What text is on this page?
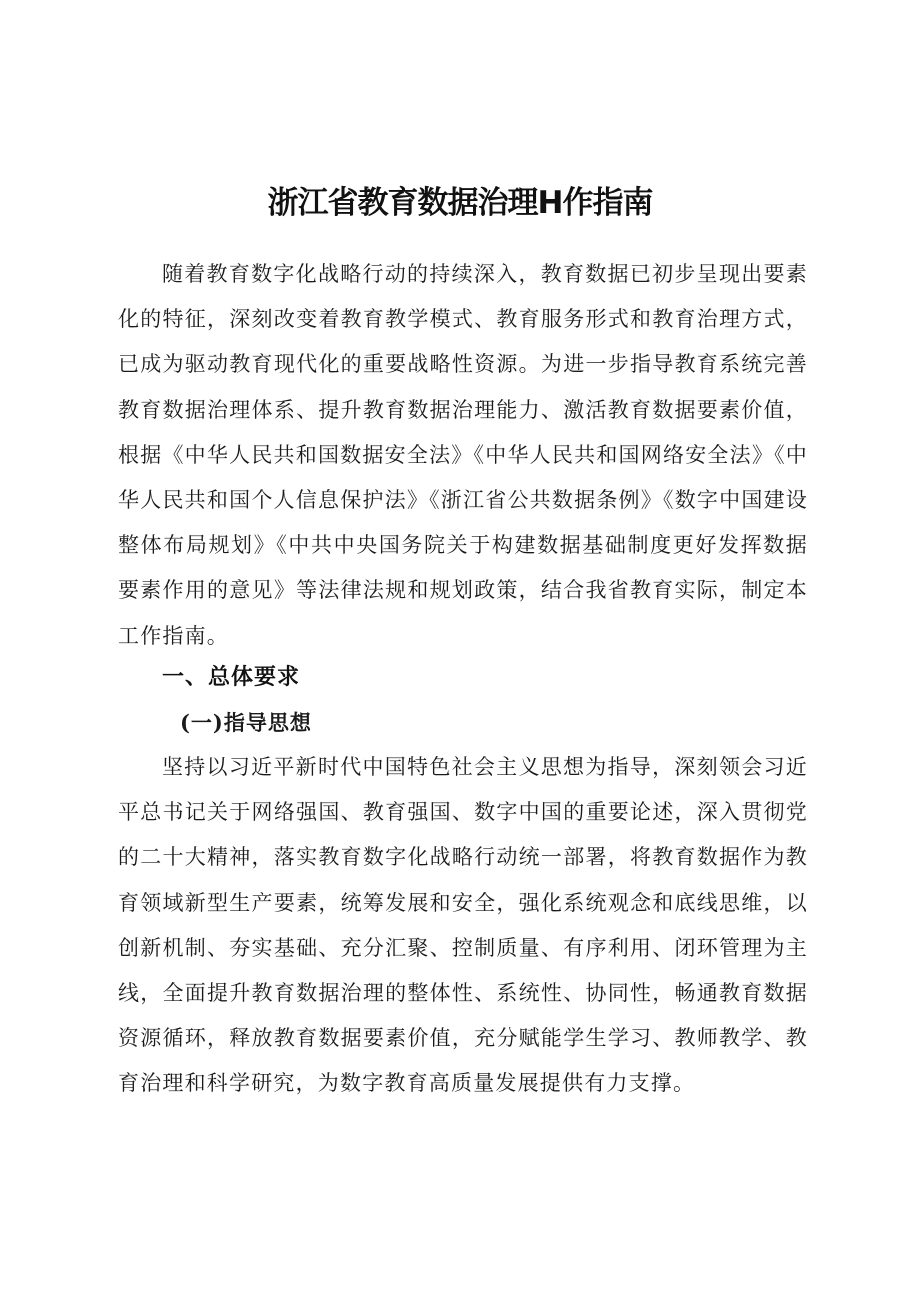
浙江省教育数据治理H作指南

随着教育数字化战略行动的持续深入，教育数据已初步呈现出要素化的特征，深刻改变着教育教学模式、教育服务形式和教育治理方式，已成为驱动教育现代化的重要战略性资源。为进一步指导教育系统完善教育数据治理体系、提升教育数据治理能力、激活教育数据要素价值，根据《中华人民共和国数据安全法》《中华人民共和国网络安全法》《中华人民共和国个人信息保护法》《浙江省公共数据条例》《数字中国建设整体布局规划》《中共中央国务院关于构建数据基础制度更好发挥数据要素作用的意见》等法律法规和规划政策，结合我省教育实际，制定本工作指南。

一、总体要求
(一)指导思想

坚持以习近平新时代中国特色社会主义思想为指导，深刻领会习近平总书记关于网络强国、教育强国、数字中国的重要论述，深入贯彻党的二十大精神，落实教育数字化战略行动统一部署，将教育数据作为教育领域新型生产要素，统筹发展和安全，强化系统观念和底线思维，以创新机制、夯实基础、充分汇聚、控制质量、有序利用、闭环管理为主线，全面提升教育数据治理的整体性、系统性、协同性，畅通教育数据资源循环，释放教育数据要素价值，充分赋能学生学习、教师教学、教育治理和科学研究，为数字教育高质量发展提供有力支撑。
